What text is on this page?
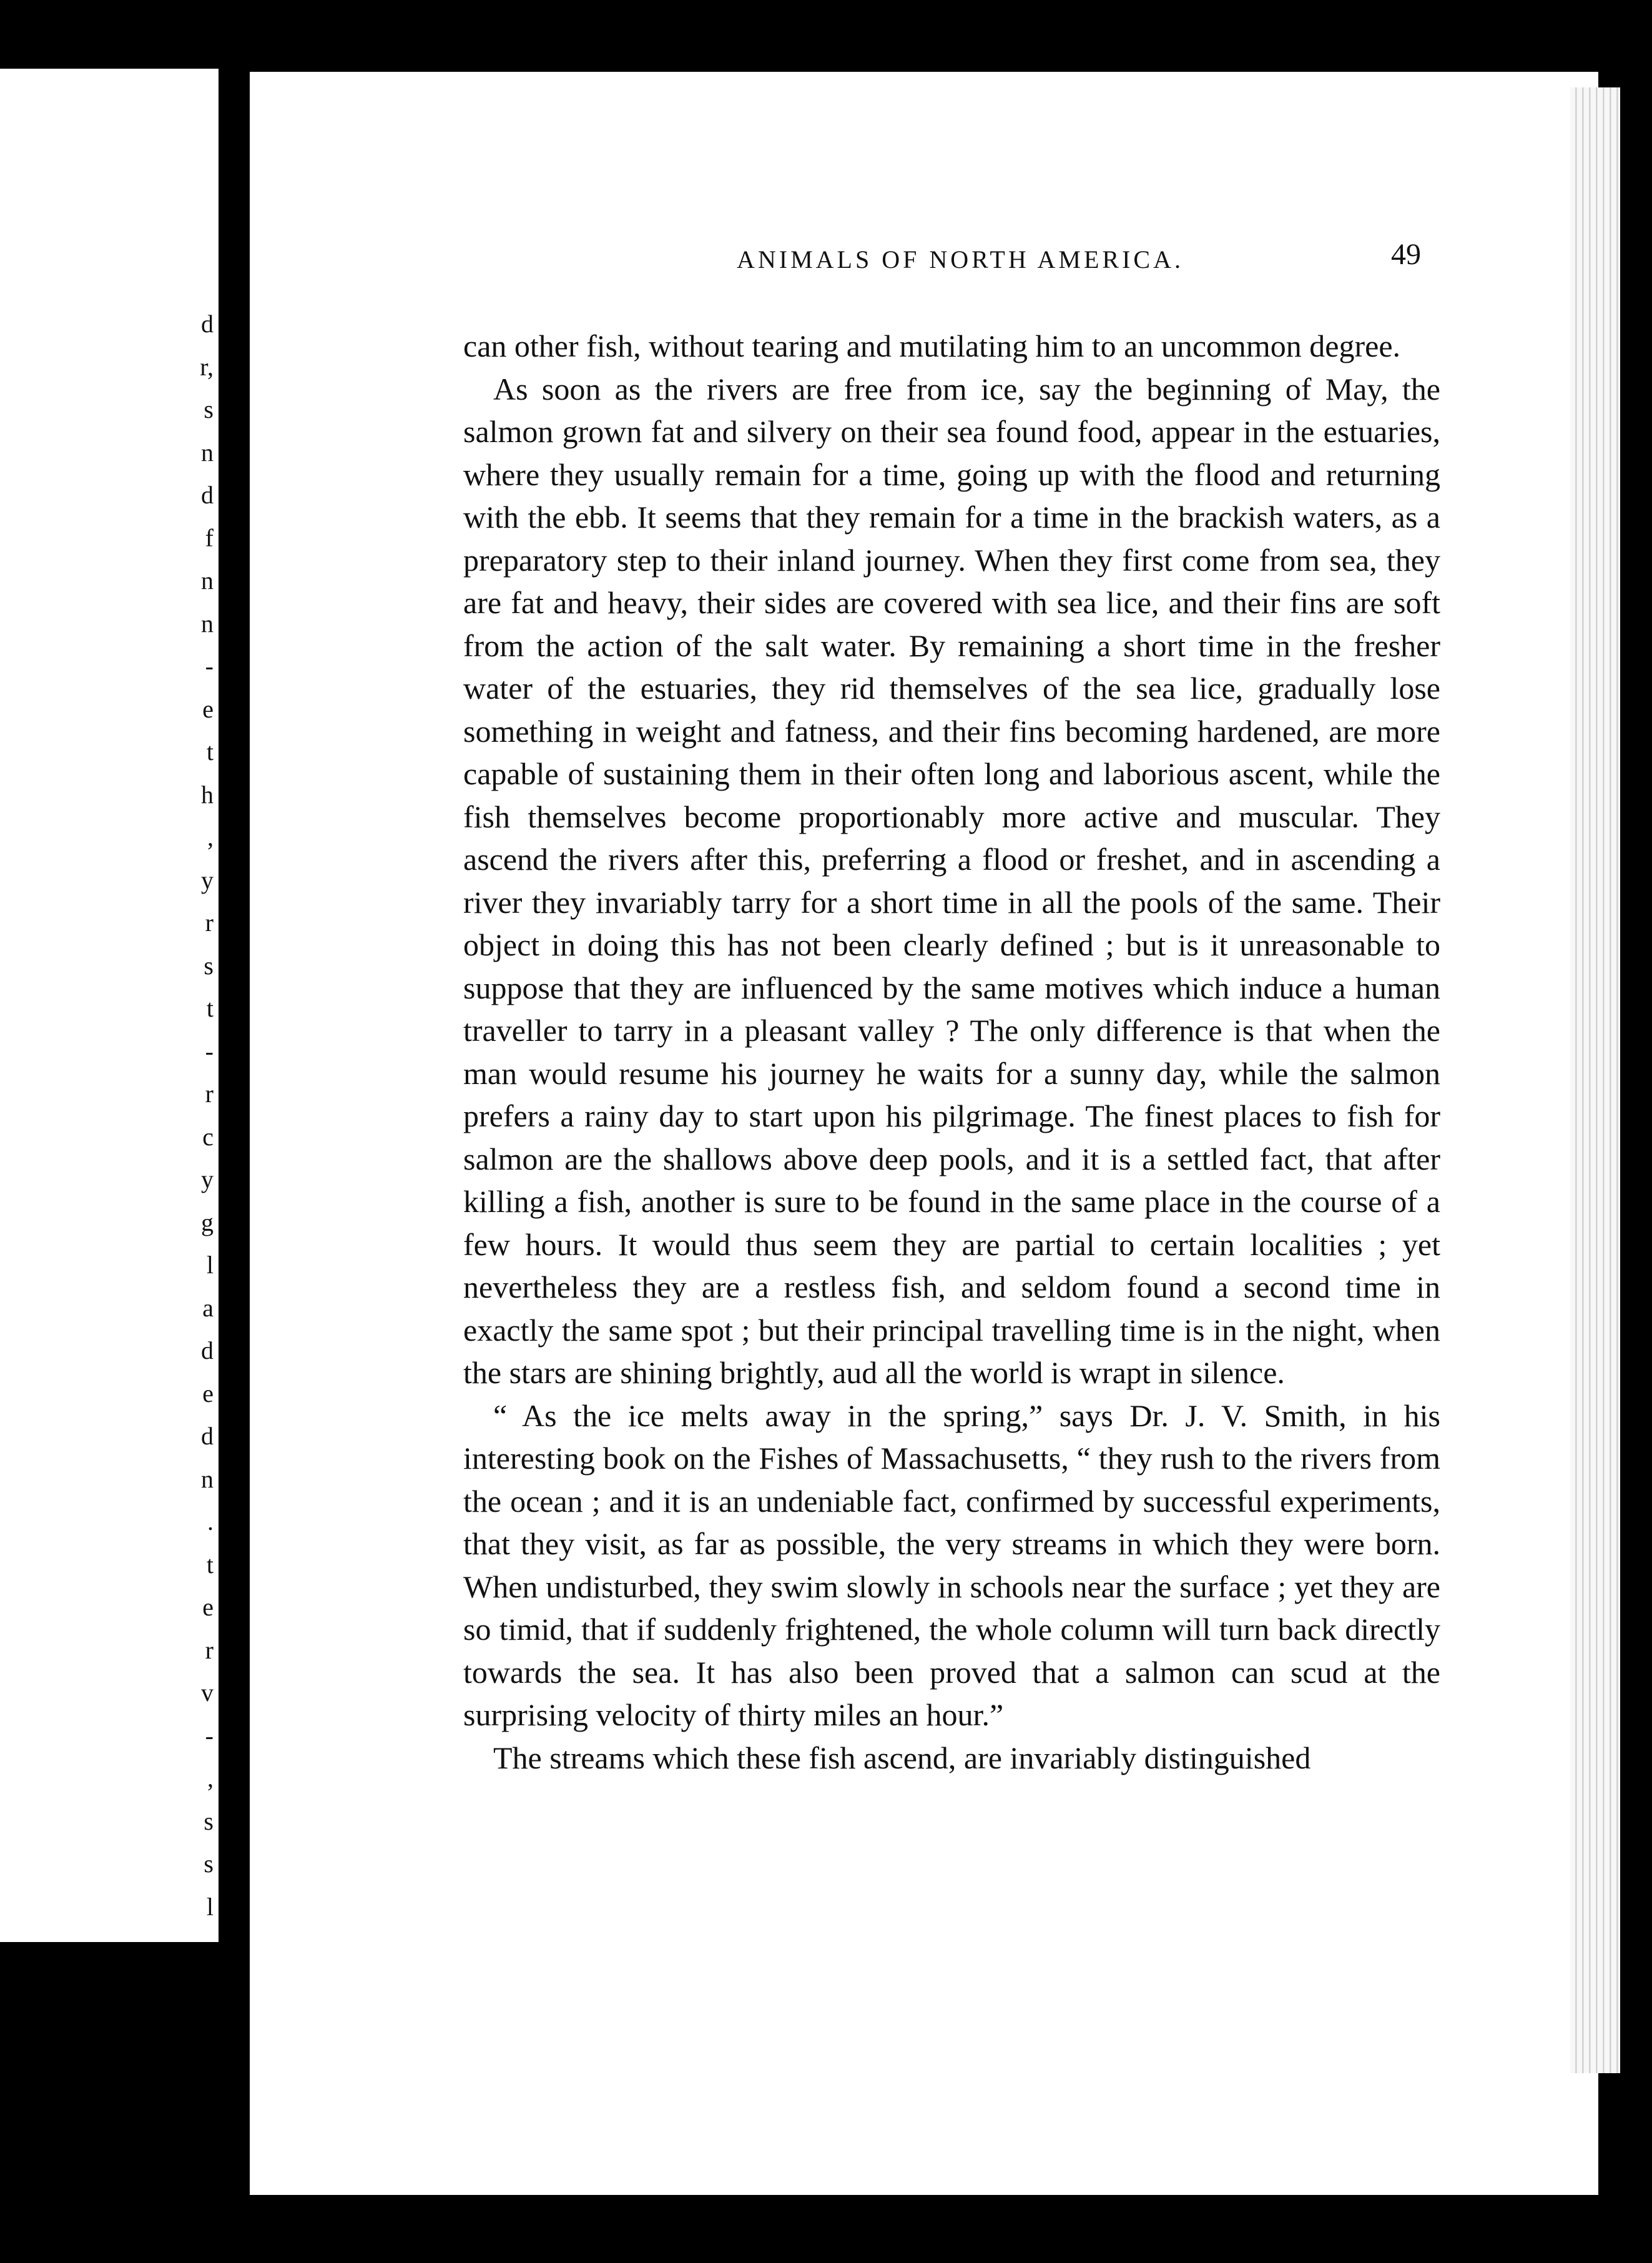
d
r,
s
n
d
f
n
n
-
e
t
h
,
y
r
s
t
-
r
c
y
g
l
a
d
e
d
n
.
t
e
r
v
-
,
s
s
l
ANIMALS OF NORTH AMERICA.	49

can other fish, without tearing and mutilating him to an uncommon degree.

As soon as the rivers are free from ice, say the beginning of May, the salmon grown fat and silvery on their sea found food, appear in the estuaries, where they usually remain for a time, going up with the flood and returning with the ebb. It seems that they remain for a time in the brackish waters, as a preparatory step to their inland journey. When they first come from sea, they are fat and heavy, their sides are covered with sea lice, and their fins are soft from the action of the salt water. By remaining a short time in the fresher water of the estuaries, they rid themselves of the sea lice, gradually lose something in weight and fatness, and their fins becoming hardened, are more capable of sustaining them in their often long and laborious ascent, while the fish themselves become proportionably more active and muscular. They ascend the rivers after this, preferring a flood or freshet, and in ascending a river they invariably tarry for a short time in all the pools of the same. Their object in doing this has not been clearly defined ; but is it unreasonable to suppose that they are influenced by the same motives which induce a human traveller to tarry in a pleasant valley ? The only difference is that when the man would resume his journey he waits for a sunny day, while the salmon prefers a rainy day to start upon his pilgrimage. The finest places to fish for salmon are the shallows above deep pools, and it is a settled fact, that after killing a fish, another is sure to be found in the same place in the course of a few hours. It would thus seem they are partial to certain localities ; yet nevertheless they are a restless fish, and seldom found a second time in exactly the same spot ; but their principal travelling time is in the night, when the stars are shining brightly, aud all the world is wrapt in silence.

“ As the ice melts away in the spring,” says Dr. J. V. Smith, in his interesting book on the Fishes of Massachusetts, “ they rush to the rivers from the ocean ; and it is an undeniable fact, confirmed by successful experiments, that they visit, as far as possible, the very streams in which they were born. When undisturbed, they swim slowly in schools near the surface ; yet they are so timid, that if suddenly frightened, the whole column will turn back directly towards the sea. It has also been proved that a salmon can scud at the surprising velocity of thirty miles an hour.”

The streams which these fish ascend, are invariably distinguished
